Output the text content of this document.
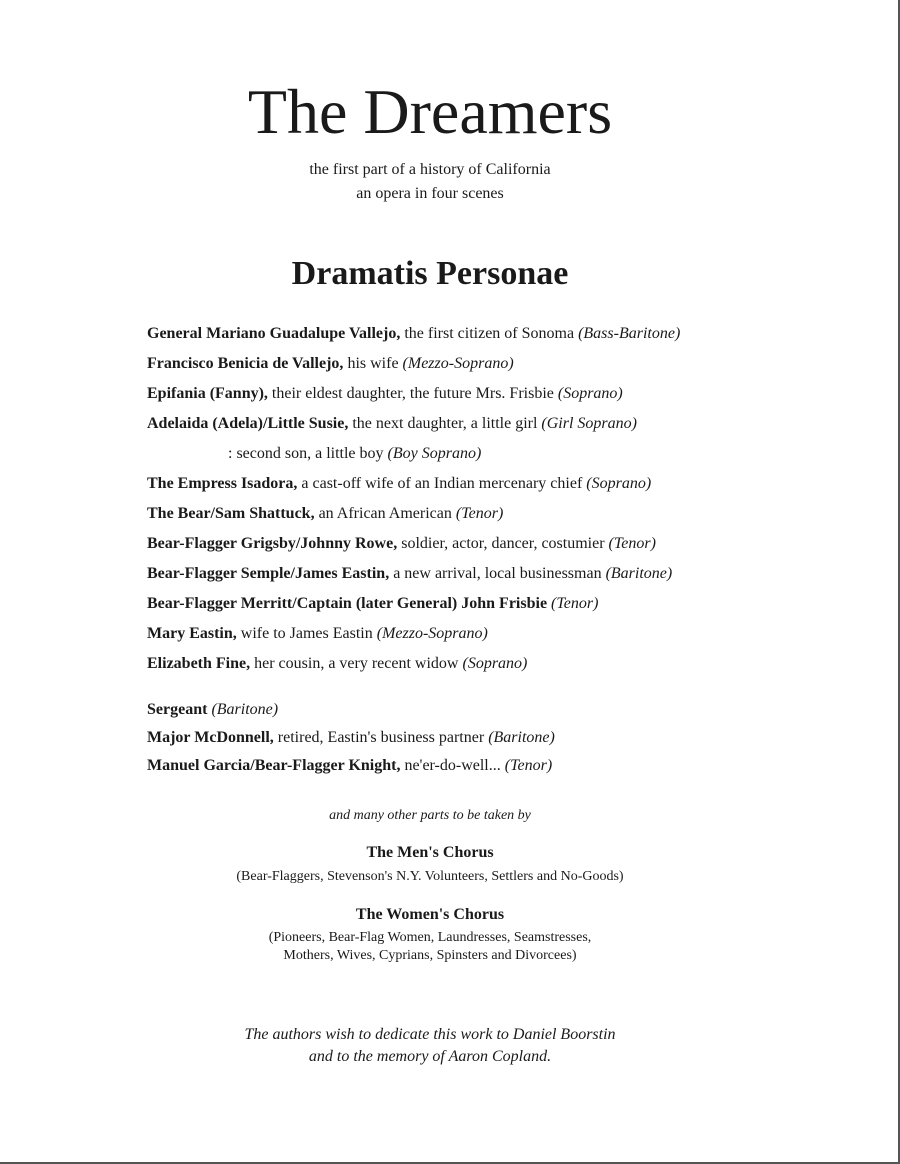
The Dreamers
the first part of a history of California
an opera in four scenes
Dramatis Personae
General Mariano Guadalupe Vallejo, the first citizen of Sonoma (Bass-Baritone)
Francisco Benicia de Vallejo, his wife (Mezzo-Soprano)
Epifania (Fanny), their eldest daughter, the future Mrs. Frisbie (Soprano)
Adelaida (Adela)/Little Susie, the next daughter, a little girl (Girl Soprano)
: second son, a little boy (Boy Soprano)
The Empress Isadora, a cast-off wife of an Indian mercenary chief (Soprano)
The Bear/Sam Shattuck, an African American (Tenor)
Bear-Flagger Grigsby/Johnny Rowe, soldier, actor, dancer, costumier (Tenor)
Bear-Flagger Semple/James Eastin, a new arrival, local businessman (Baritone)
Bear-Flagger Merritt/Captain (later General) John Frisbie (Tenor)
Mary Eastin, wife to James Eastin (Mezzo-Soprano)
Elizabeth Fine, her cousin, a very recent widow (Soprano)
Sergeant (Baritone)
Major McDonnell, retired, Eastin's business partner (Baritone)
Manuel Garcia/Bear-Flagger Knight, ne'er-do-well... (Tenor)
and many other parts to be taken by
The Men's Chorus
(Bear-Flaggers, Stevenson's N.Y. Volunteers, Settlers and No-Goods)
The Women's Chorus
(Pioneers, Bear-Flag Women, Laundresses, Seamstresses,
Mothers, Wives, Cyprians, Spinsters and Divorcees)
The authors wish to dedicate this work to Daniel Boorstin
and to the memory of Aaron Copland.
